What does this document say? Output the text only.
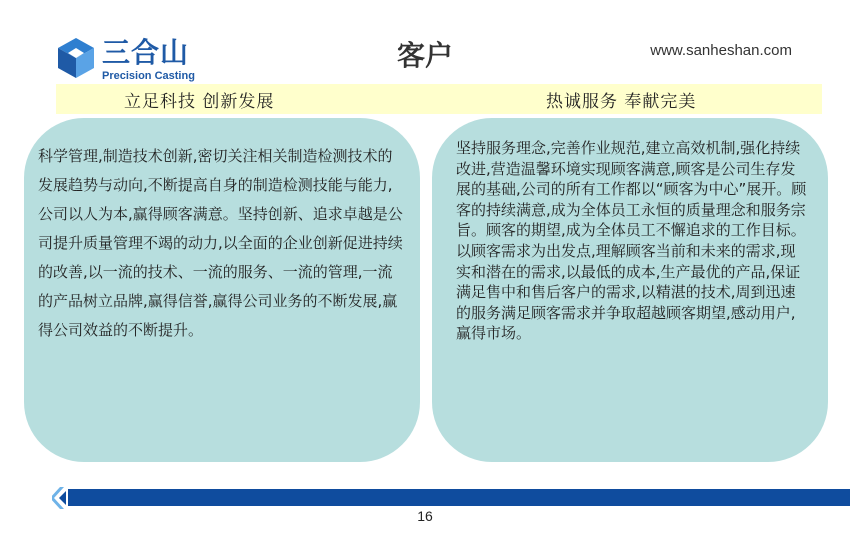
三合山
Precision Casting
客户	www.sanheshan.com
立足科技 创新发展	热诚服务 奉献完美

科学管理,制造技术创新,密切关注相关制造检测技术的发展趋势与动向,不断提高自身的制造检测技能与能力,公司以人为本,赢得顾客满意。坚持创新、追求卓越是公司提升质量管理不竭的动力,以全面的企业创新促进持续的改善,以一流的技术、一流的服务、一流的管理,一流的产品树立品牌,赢得信誉,赢得公司业务的不断发展,赢得公司效益的不断提升。

坚持服务理念,完善作业规范,建立高效机制,强化持续改进,营造温馨环境实现顾客满意,顾客是公司生存发展的基础,公司的所有工作都以“顾客为中心”展开。顾客的持续满意,成为全体员工永恒的质量理念和服务宗旨。顾客的期望,成为全体员工不懈追求的工作目标。以顾客需求为出发点,理解顾客当前和未来的需求,现实和潜在的需求,以最低的成本,生产最优的产品,保证满足售中和售后客户的需求,以精湛的技术,周到迅速的服务满足顾客需求并争取超越顾客期望,感动用户,赢得市场。

16
